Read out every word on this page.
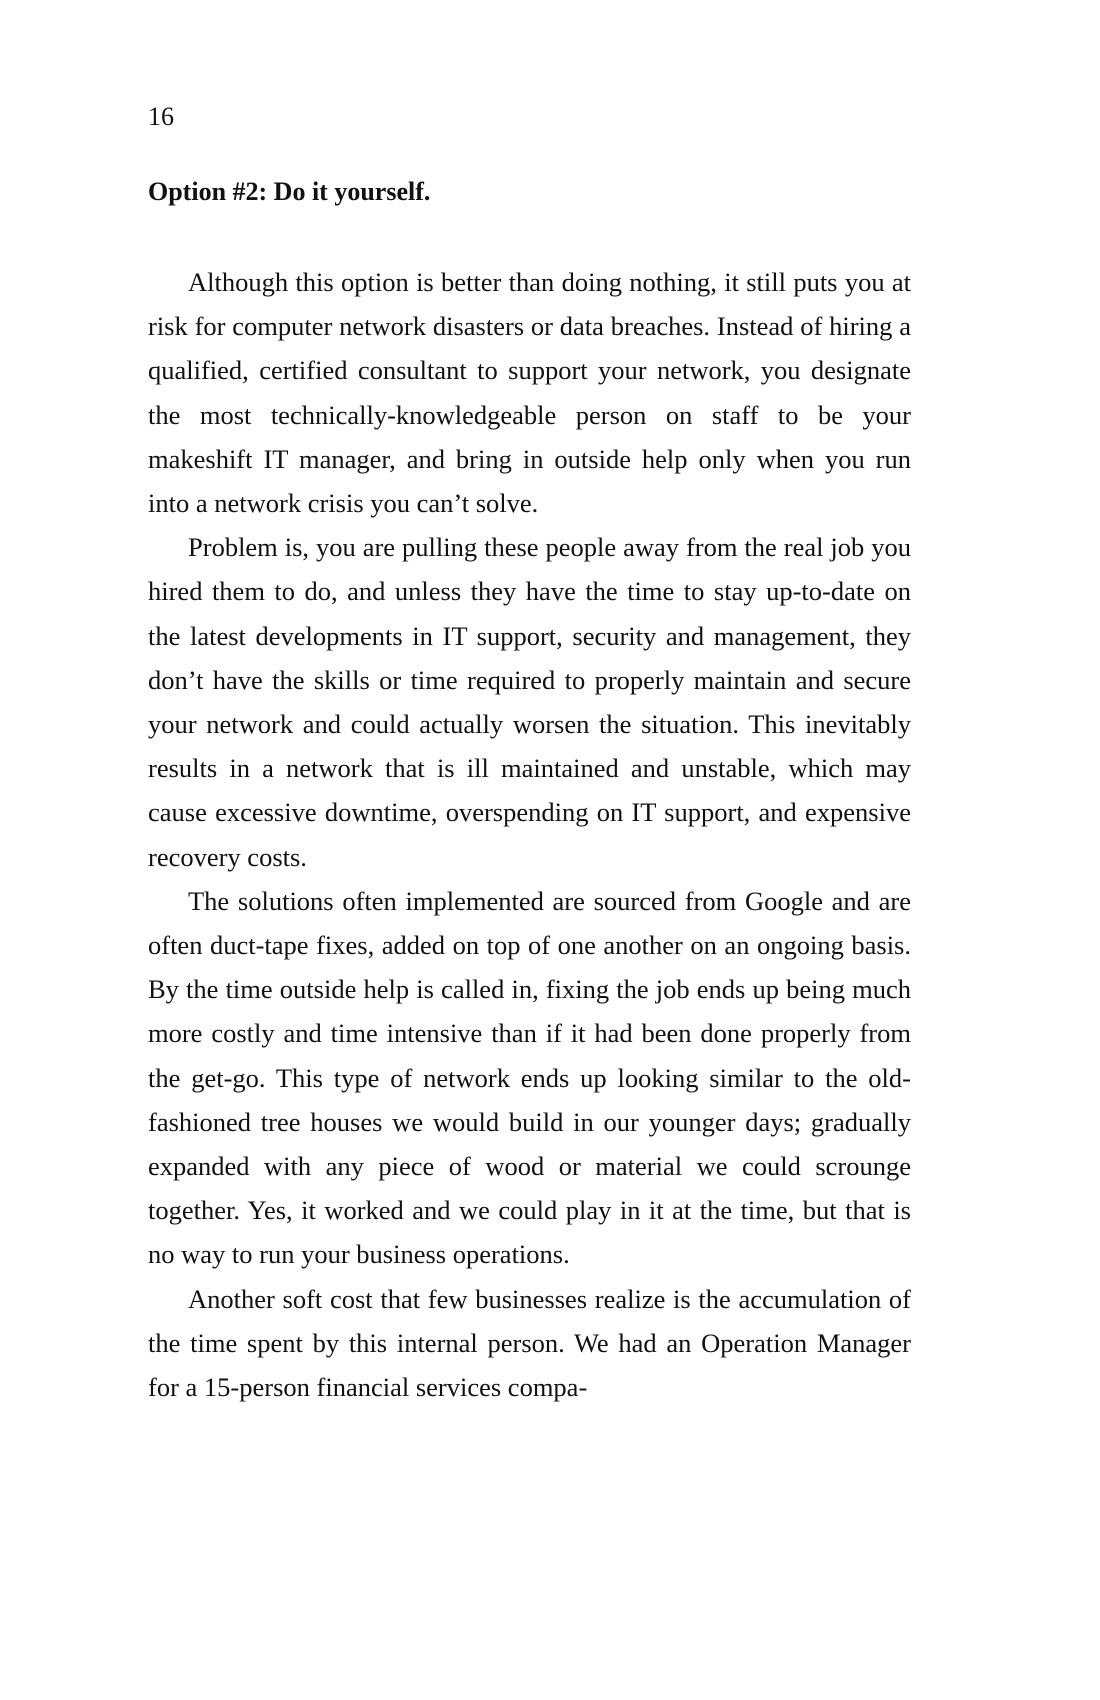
16
Option #2: Do it yourself.

Although this option is better than doing nothing, it still puts you at risk for computer network disasters or data breaches. Instead of hiring a qualified, certified consultant to support your network, you designate the most technically-knowledgeable person on staff to be your makeshift IT manager, and bring in outside help only when you run into a network crisis you can’t solve.

Problem is, you are pulling these people away from the real job you hired them to do, and unless they have the time to stay up-to-date on the latest developments in IT support, security and management, they don’t have the skills or time required to properly maintain and secure your network and could actually worsen the situation. This inevitably results in a network that is ill maintained and unstable, which may cause excessive downtime, overspending on IT support, and expensive recovery costs.

The solutions often implemented are sourced from Google and are often duct-tape fixes, added on top of one another on an ongoing basis. By the time outside help is called in, fixing the job ends up being much more costly and time intensive than if it had been done properly from the get-go. This type of network ends up looking similar to the old-fashioned tree houses we would build in our younger days; gradually expanded with any piece of wood or material we could scrounge together. Yes, it worked and we could play in it at the time, but that is no way to run your business operations.

Another soft cost that few businesses realize is the accumulation of the time spent by this internal person. We had an Operation Manager for a 15-person financial services compa-
